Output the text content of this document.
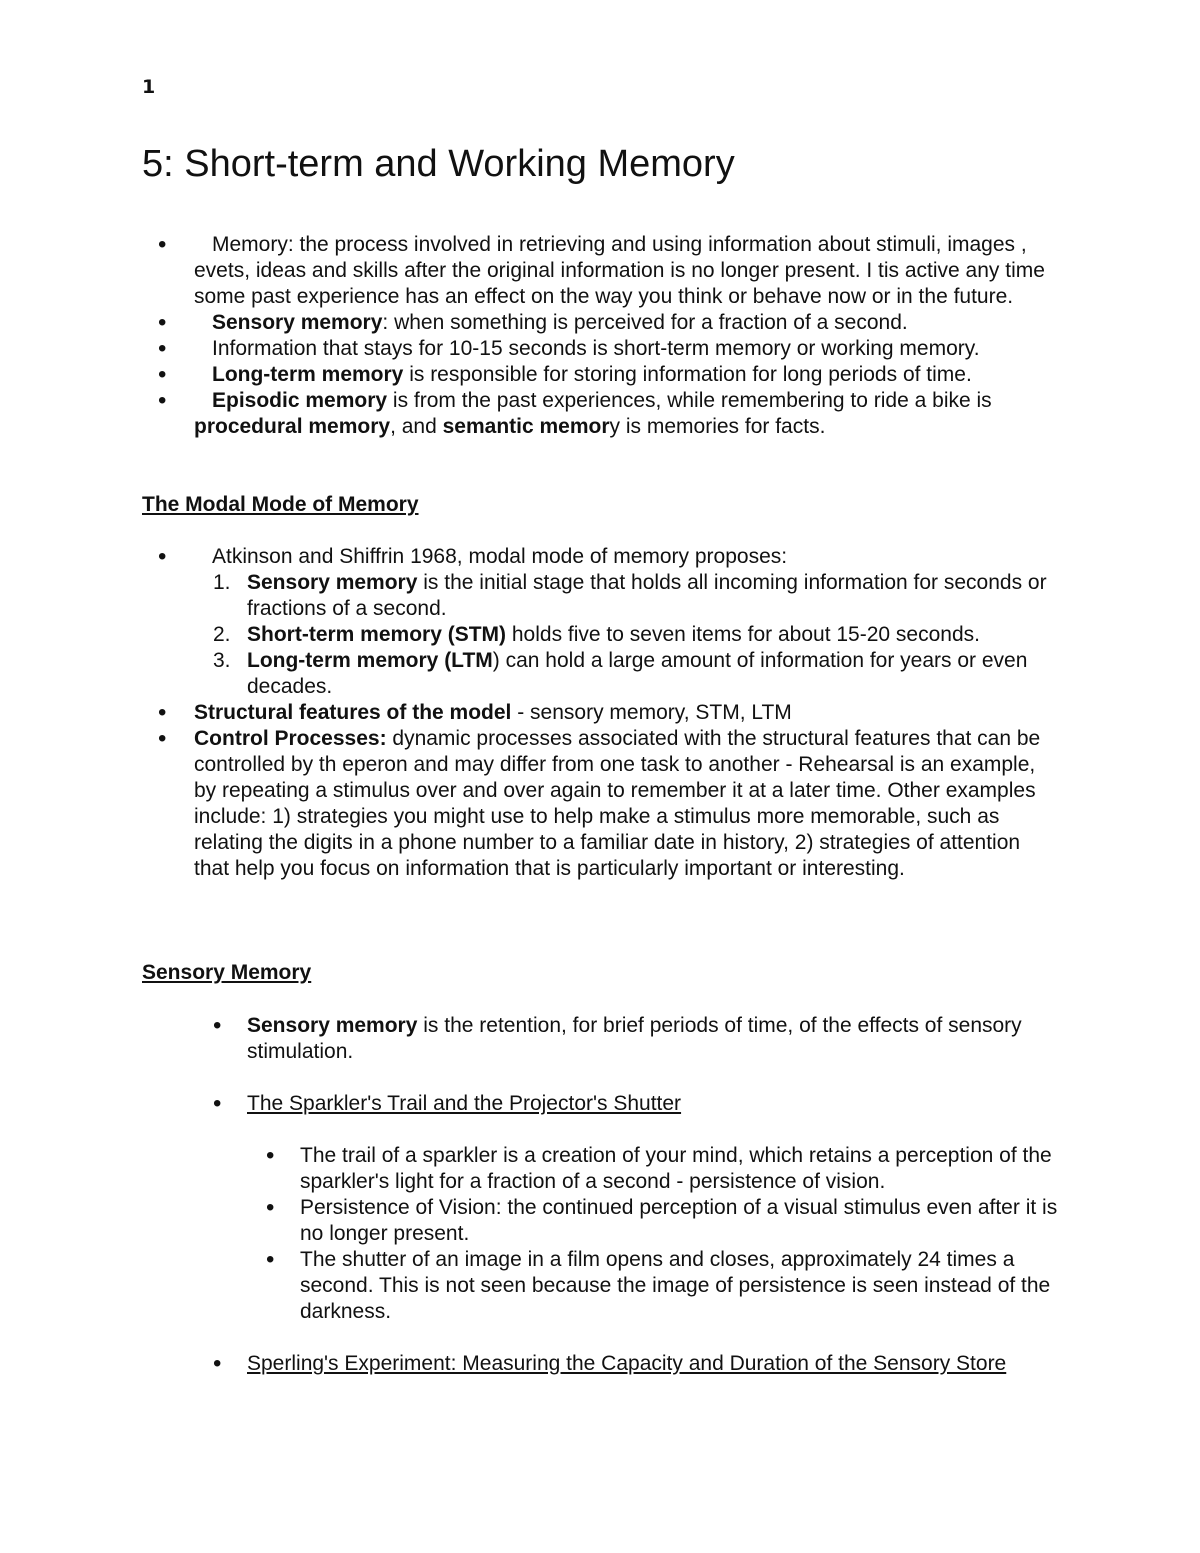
1
5: Short-term and Working Memory
• Memory: the process involved in retrieving and using information about stimuli, images , evets, ideas and skills after the original information is no longer present. I tis active any time some past experience has an effect on the way you think or behave now or in the future.
• Sensory memory: when something is perceived for a fraction of a second.
• Information that stays for 10-15 seconds is short-term memory or working memory.
• Long-term memory is responsible for storing information for long periods of time.
• Episodic memory is from the past experiences, while remembering to ride a bike is procedural memory, and semantic memory is memories for facts.
The Modal Mode of Memory
• Atkinson and Shiffrin 1968, modal mode of memory proposes:
1. Sensory memory is the initial stage that holds all incoming information for seconds or fractions of a second.
2. Short-term memory (STM) holds five to seven items for about 15-20 seconds.
3. Long-term memory (LTM) can hold a large amount of information for years or even decades.
• Structural features of the model - sensory memory, STM, LTM
• Control Processes: dynamic processes associated with the structural features that can be controlled by th eperon and may differ from one task to another - Rehearsal is an example, by repeating a stimulus over and over again to remember it at a later time. Other examples include: 1) strategies you might use to help make a stimulus more memorable, such as relating the digits in a phone number to a familiar date in history, 2) strategies of attention that help you focus on information that is particularly important or interesting.
Sensory Memory
• Sensory memory is the retention, for brief periods of time, of the effects of sensory stimulation.
• The Sparkler's Trail and the Projector's Shutter
• The trail of a sparkler is a creation of your mind, which retains a perception of the sparkler's light for a fraction of a second - persistence of vision.
• Persistence of Vision: the continued perception of a visual stimulus even after it is no longer present.
• The shutter of an image in a film opens and closes, approximately 24 times a second. This is not seen because the image of persistence is seen instead of the darkness.
• Sperling's Experiment: Measuring the Capacity and Duration of the Sensory Store
